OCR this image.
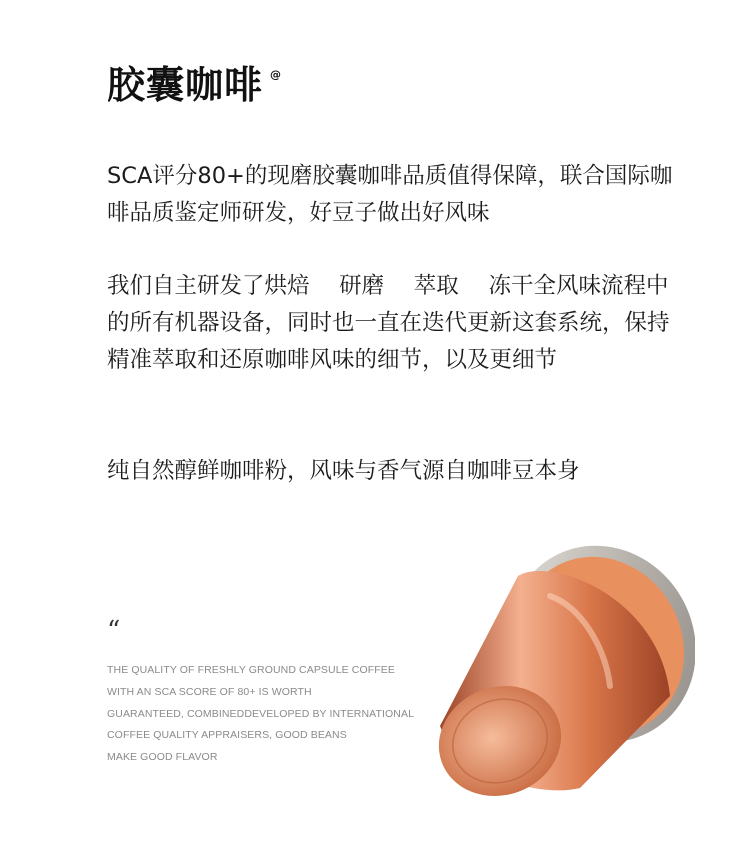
胶囊咖啡 @

SCA评分80+的现磨胶囊咖啡品质值得保障，联合国际咖啡品质鉴定师研发，好豆子做出好风味

我们自主研发了烘焙　 研磨　 萃取　 冻干全风味流程中的所有机器设备，同时也一直在迭代更新这套系统，保持精准萃取和还原咖啡风味的细节，以及更细节

纯自然醇鲜咖啡粉，风味与香气源自咖啡豆本身

“
THE QUALITY OF FRESHLY GROUND CAPSULE COFFEE
WITH AN SCA SCORE OF 80+ IS WORTH
GUARANTEED, COMBINEDDEVELOPED BY INTERNATIONAL
COFFEE QUALITY APPRAISERS, GOOD BEANS
MAKE GOOD FLAVOR
